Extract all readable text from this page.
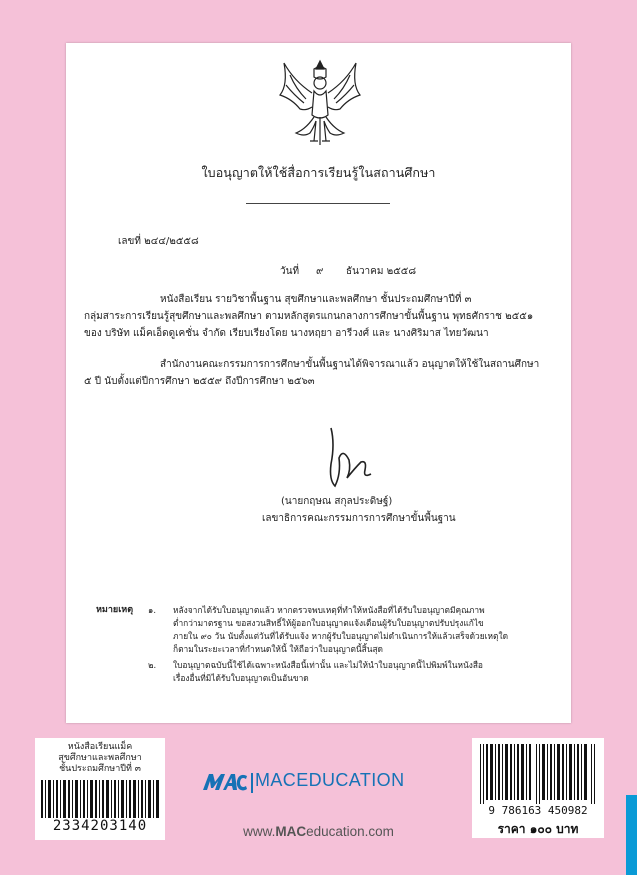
ใบอนุญาตให้ใช้สื่อการเรียนรู้ในสถานศึกษา
เลขที่ ๒๔๔/๒๕๕๘
วันที่ ๙ ธันวาคม ๒๕๕๘
หนังสือเรียน รายวิชาพื้นฐาน สุขศึกษาและพลศึกษา ชั้นประถมศึกษาปีที่ ๓
กลุ่มสาระการเรียนรู้สุขศึกษาและพลศึกษา ตามหลักสูตรแกนกลางการศึกษาขั้นพื้นฐาน พุทธศักราช ๒๕๕๑
ของ บริษัท แม็คเอ็ดดูเคชั่น จำกัด เรียบเรียงโดย นางหฤยา อารีวงศ์ และ นางศิริมาส ไทยวัฒนา
สำนักงานคณะกรรมการการศึกษาขั้นพื้นฐานได้พิจารณาแล้ว อนุญาตให้ใช้ในสถานศึกษา
๕ ปี นับตั้งแต่ปีการศึกษา ๒๕๕๙ ถึงปีการศึกษา ๒๕๖๓
(นายกฤษณ สกุลประดิษฐ์)
เลขาธิการคณะกรรมการการศึกษาขั้นพื้นฐาน
หมายเหตุ ๑. หลังจากได้รับใบอนุญาตแล้ว หากตรวจพบเหตุที่ทำให้หนังสือที่ได้รับใบอนุญาตมีคุณภาพ
ต่ำกว่ามาตรฐาน ขอสงวนสิทธิ์ให้ผู้ออกใบอนุญาตแจ้งเตือนผู้รับใบอนุญาตปรับปรุงแก้ไข
ภายใน ๙๐ วัน นับตั้งแต่วันที่ได้รับแจ้ง หากผู้รับใบอนุญาตไม่ดำเนินการให้แล้วเสร็จด้วยเหตุใด
ก็ตามในระยะเวลาที่กำหนดให้นี้ ให้ถือว่าใบอนุญาตนี้สิ้นสุด
๒. ใบอนุญาตฉบับนี้ใช้ได้เฉพาะหนังสือนี้เท่านั้น และไม่ให้นำใบอนุญาตนี้ไปพิมพ์ในหนังสือ
เรื่องอื่นที่มิได้รับใบอนุญาตเป็นอันขาด
หนังสือเรียนแม็ค
สุขศึกษาและพลศึกษา
ชั้นประถมศึกษาปีที่ ๓
2334203140
MACEDUCATION
www.MACeducation.com
9 786163 450982
ราคา ๑๐๐ บาท
